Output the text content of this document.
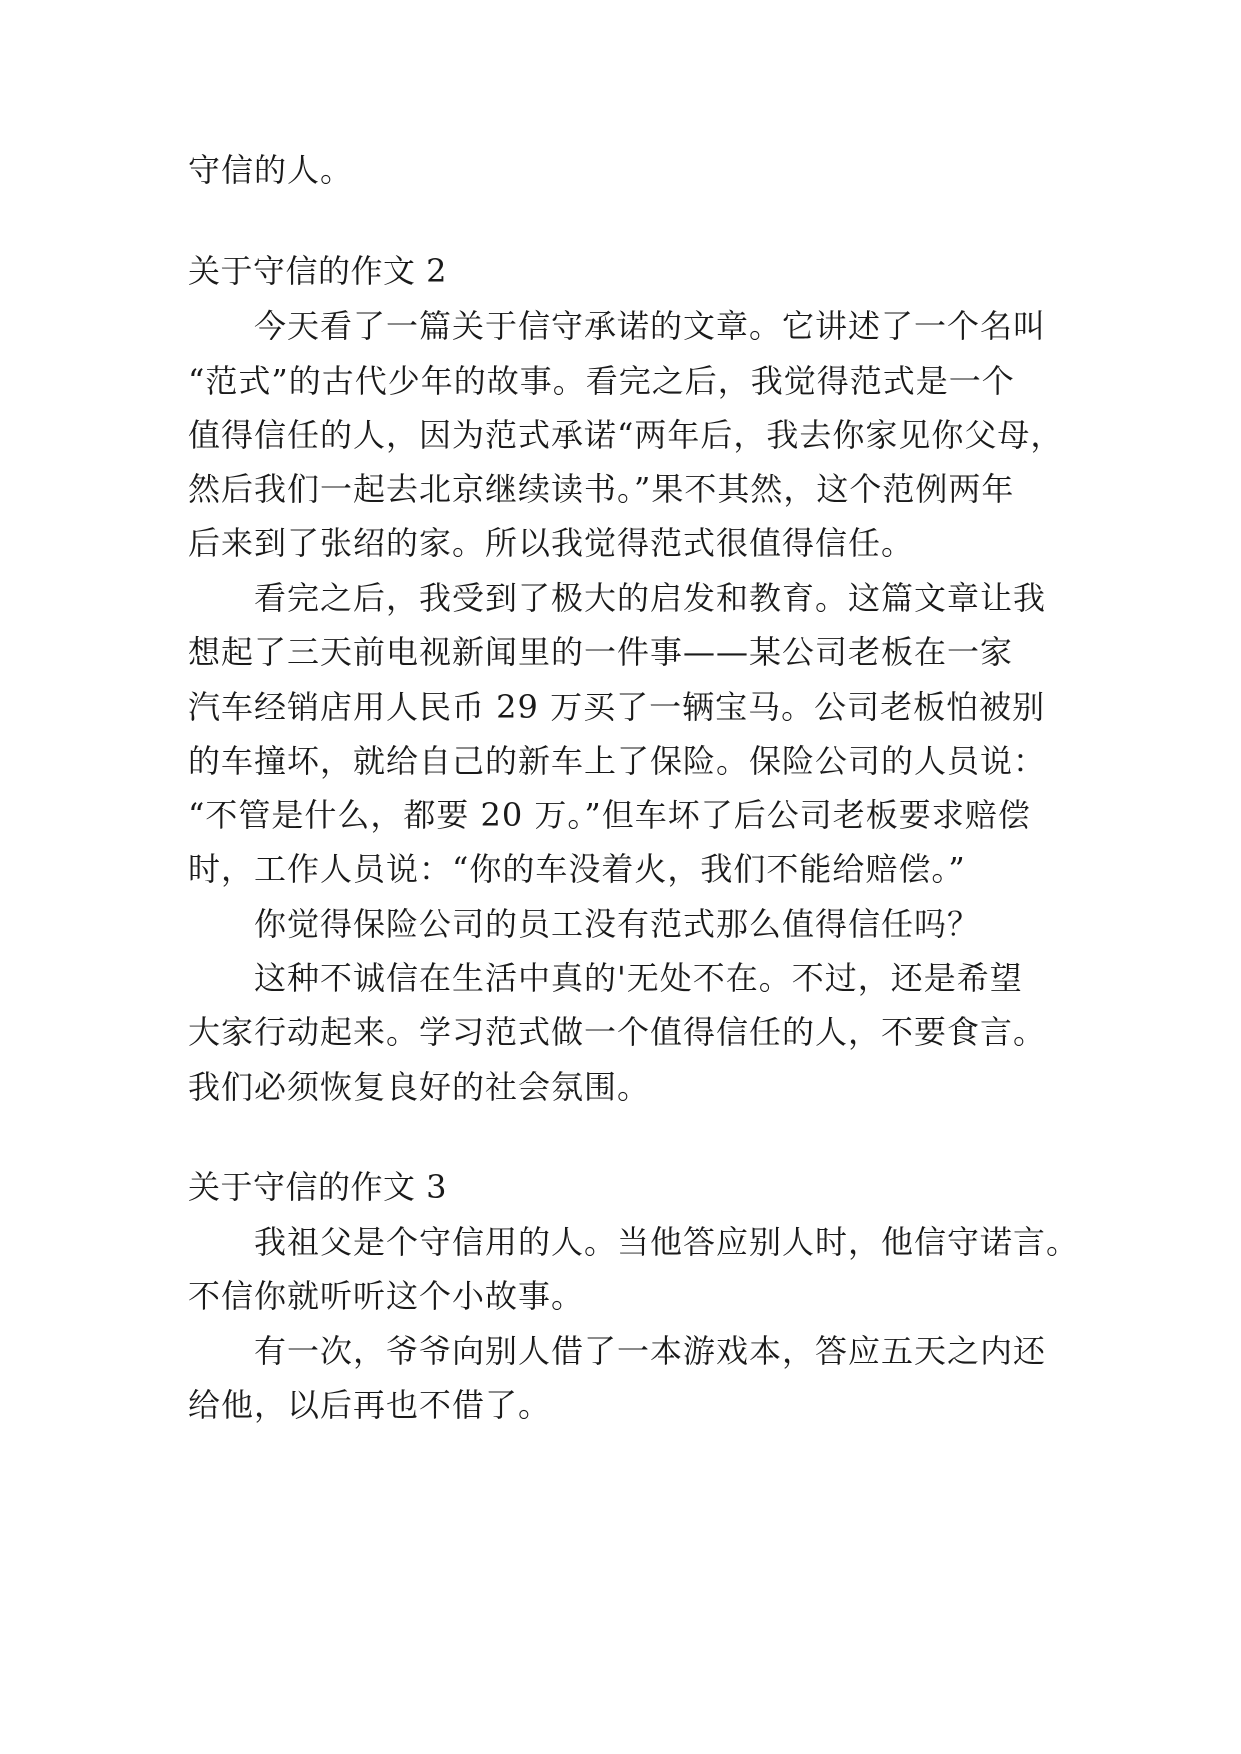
守信的人。

关于守信的作文 2

今天看了一篇关于信守承诺的文章。它讲述了一个名叫

“范式”的古代少年的故事。看完之后，我觉得范式是一个

值得信任的人，因为范式承诺“两年后，我去你家见你父母，

然后我们一起去北京继续读书。”果不其然，这个范例两年

后来到了张绍的家。所以我觉得范式很值得信任。

看完之后，我受到了极大的启发和教育。这篇文章让我

想起了三天前电视新闻里的一件事——某公司老板在一家

汽车经销店用人民币 29 万买了一辆宝马。公司老板怕被别

的车撞坏，就给自己的新车上了保险。保险公司的人员说：

“不管是什么，都要 20 万。”但车坏了后公司老板要求赔偿

时，工作人员说：“你的车没着火，我们不能给赔偿。”

你觉得保险公司的员工没有范式那么值得信任吗？

这种不诚信在生活中真的'无处不在。不过，还是希望

大家行动起来。学习范式做一个值得信任的人，不要食言。

我们必须恢复良好的社会氛围。

关于守信的作文 3

我祖父是个守信用的人。当他答应别人时，他信守诺言。

不信你就听听这个小故事。

有一次，爷爷向别人借了一本游戏本，答应五天之内还

给他，以后再也不借了。
